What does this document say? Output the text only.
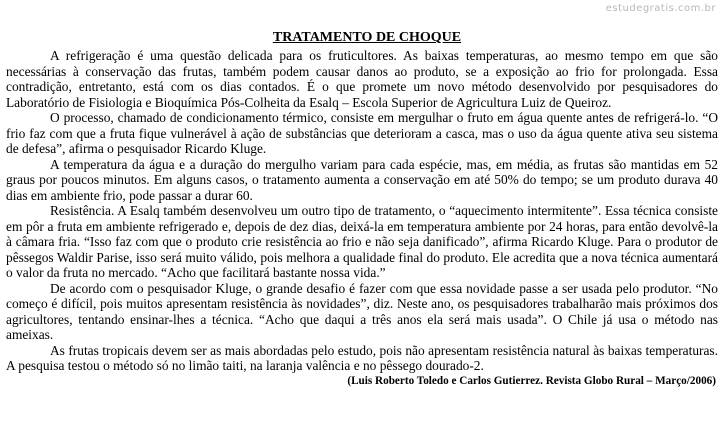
estudegratis.com.br
TRATAMENTO DE CHOQUE

A refrigeração é uma questão delicada para os fruticultores. As baixas temperaturas, ao mesmo tempo em que são necessárias à conservação das frutas, também podem causar danos ao produto, se a exposição ao frio for prolongada. Essa contradição, entretanto, está com os dias contados. É o que promete um novo método desenvolvido por pesquisadores do Laboratório de Fisiologia e Bioquímica Pós-Colheita da Esalq – Escola Superior de Agricultura Luiz de Queiroz.

O processo, chamado de condicionamento térmico, consiste em mergulhar o fruto em água quente antes de refrigerá-lo. “O frio faz com que a fruta fique vulnerável à ação de substâncias que deterioram a casca, mas o uso da água quente ativa seu sistema de defesa”, afirma o pesquisador Ricardo Kluge.

A temperatura da água e a duração do mergulho variam para cada espécie, mas, em média, as frutas são mantidas em 52 graus por poucos minutos. Em alguns casos, o tratamento aumenta a conservação em até 50% do tempo; se um produto durava 40 dias em ambiente frio, pode passar a durar 60.

Resistência. A Esalq também desenvolveu um outro tipo de tratamento, o “aquecimento intermitente”. Essa técnica consiste em pôr a fruta em ambiente refrigerado e, depois de dez dias, deixá-la em temperatura ambiente por 24 horas, para então devolvê-la à câmara fria. “Isso faz com que o produto crie resistência ao frio e não seja danificado”, afirma Ricardo Kluge. Para o produtor de pêssegos Waldir Parise, isso será muito válido, pois melhora a qualidade final do produto. Ele acredita que a nova técnica aumentará o valor da fruta no mercado. “Acho que facilitará bastante nossa vida.”

De acordo com o pesquisador Kluge, o grande desafio é fazer com que essa novidade passe a ser usada pelo produtor. “No começo é difícil, pois muitos apresentam resistência às novidades”, diz. Neste ano, os pesquisadores trabalharão mais próximos dos agricultores, tentando ensinar-lhes a técnica. “Acho que daqui a três anos ela será mais usada”. O Chile já usa o método nas ameixas.

As frutas tropicais devem ser as mais abordadas pelo estudo, pois não apresentam resistência natural às baixas temperaturas. A pesquisa testou o método só no limão taiti, na laranja valência e no pêssego dourado-2.

(Luis Roberto Toledo e Carlos Gutierrez. Revista Globo Rural – Março/2006)
